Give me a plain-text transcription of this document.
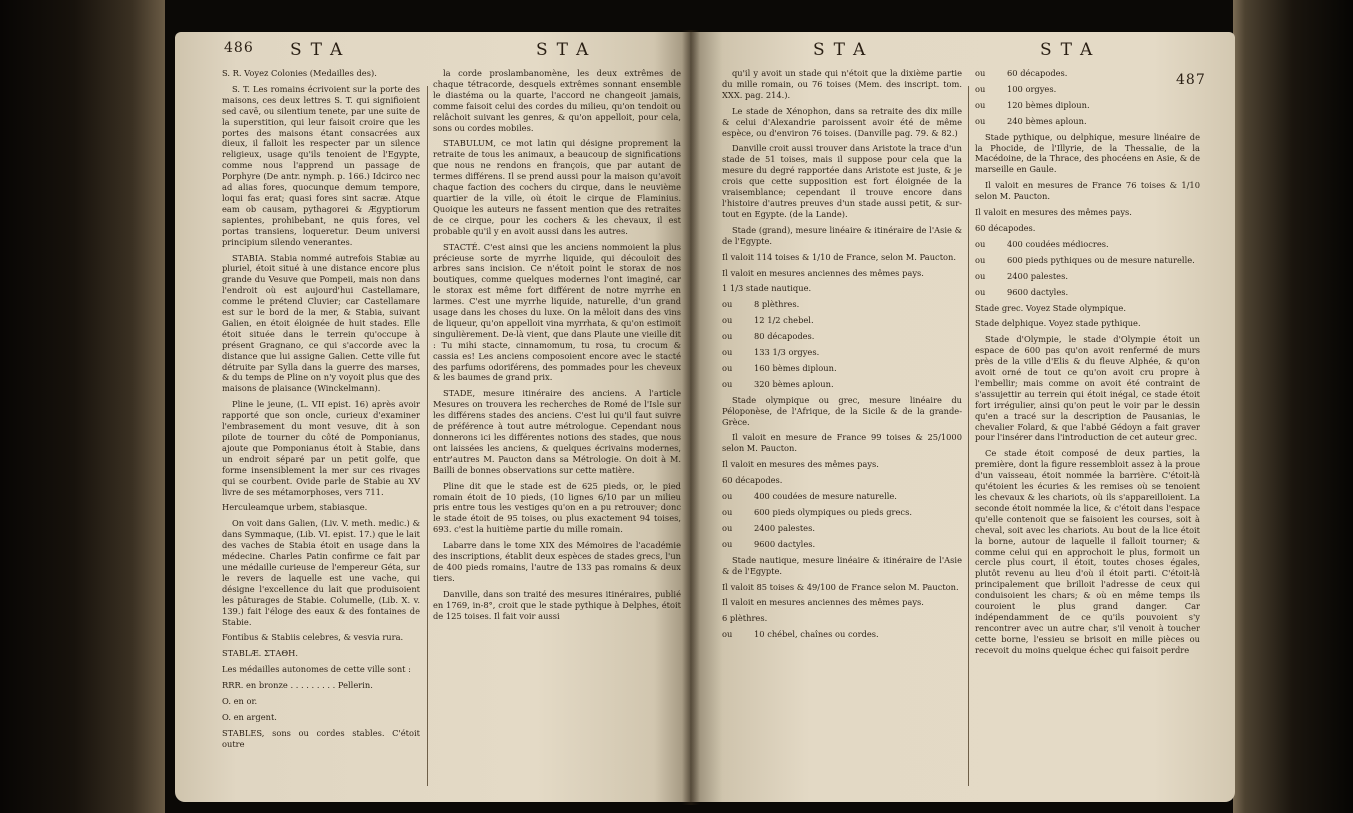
486 STA	STA

S. R. Voyez Colonies (Medailles des).

S. T. Les romains écrivoient sur la porte des maisons, ces deux lettres S. T. qui signifioient sed cavē, ou silentium tenete, par une suite de la superstition, qui leur faisoit croire que les portes des maisons étant consacrées aux dieux, il falloit les respecter par un silence religieux, usage qu'ils tenoient de l'Egypte, comme nous l'apprend un passage de Porphyre (De antr. nymph. p. 166.) Idcirco nec ad alias fores, quocunque demum tempore, loqui fas erat; quasi fores sint sacræ. Atque eam ob causam, pythagorei & Ægyptiorum sapientes, prohibebant, ne quis fores, vel portas transiens, loqueretur. Deum universi principium silendo venerantes.

STABIA. Stabia nommé autrefois Stabiæ au pluriel, étoit situé à une distance encore plus grande du Vesuve que Pompeii, mais non dans l'endroit où est aujourd'hui Castellamare, comme le prétend Cluvier; car Castellamare est sur le bord de la mer, & Stabia, suivant Galien, en étoit éloignée de huit stades. Elle étoit située dans le terrein qu'occupe à présent Gragnano, ce qui s'accorde avec la distance que lui assigne Galien. Cette ville fut détruite par Sylla dans la guerre des marses, & du temps de Pline on n'y voyoit plus que des maisons de plaisance (Winckelmann).

Pline le jeune, (L. VII epist. 16) après avoir rapporté que son oncle, curieux d'examiner l'embrasement du mont vesuve, dit à son pilote de tourner du côté de Pomponianus, ajoute que Pomponianus étoit à Stabie, dans un endroit séparé par un petit golfe, que forme insensiblement la mer sur ces rivages qui se courbent. Ovide parle de Stabie au XV livre de ses métamorphoses, vers 711.

Herculeamque urbem, stabiasque.

On voit dans Galien, (Liv. V. meth. medic.) & dans Symmaque, (Lib. VI. epist. 17.) que le lait des vaches de Stabia étoit en usage dans la médecine. Charles Patin confirme ce fait par une médaille curieuse de l'empereur Géta, sur le revers de laquelle est une vache, qui désigne l'excellence du lait que produisoient les pâturages de Stabie. Columelle, (Lib. X. v. 139.) fait l'éloge des eaux & des fontaines de Stabie.

Fontibus & Stabiis celebres, & vesvia rura.

STABLÆ. ΣΤΑΘΗ.

Les médailles autonomes de cette ville sont :

RRR. en bronze . . . . . . . . . Pellerin.

O. en or.

O. en argent.

STABLES, sons ou cordes stables. C'étoit outre

la corde proslambanomène, les deux extrêmes de chaque tétracorde, desquels extrêmes sonnant ensemble le diastéma ou la quarte, l'accord ne changeoit jamais, comme faisoit celui des cordes du milieu, qu'on tendoit ou relâchoit suivant les genres, & qu'on appelloit, pour cela, sons ou cordes mobiles.

STABULUM, ce mot latin qui désigne proprement la retraite de tous les animaux, a beaucoup de significations que nous ne rendons en françois, que par autant de termes différens. Il se prend aussi pour la maison qu'avoit chaque faction des cochers du cirque, dans le neuvième quartier de la ville, où étoit le cirque de Flaminius. Quoique les auteurs ne fassent mention que des retraites de ce cirque, pour les cochers & les chevaux, il est probable qu'il y en avoit aussi dans les autres.

STACTÉ. C'est ainsi que les anciens nommoient la plus précieuse sorte de myrrhe liquide, qui découloit des arbres sans incision. Ce n'étoit point le storax de nos boutiques, comme quelques modernes l'ont imaginé, car le storax est même fort différent de notre myrrhe en larmes. C'est une myrrhe liquide, naturelle, d'un grand usage dans les choses du luxe. On la mêloit dans des vins de liqueur, qu'on appelloit vina myrrhata, & qu'on estimoit singulièrement. De-là vient, que dans Plaute une vieille dit : Tu mihi stacte, cinnamomum, tu rosa, tu crocum & cassia es! Les anciens composoient encore avec le stacté des parfums odoriférens, des pommades pour les cheveux & les baumes de grand prix.

STADE, mesure itinéraire des anciens. A l'article Mesures on trouvera les recherches de Romé de l'Isle sur les différens stades des anciens. C'est lui qu'il faut suivre de préférence à tout autre métrologue. Cependant nous donnerons ici les différentes notions des stades, que nous ont laissées les anciens, & quelques écrivains modernes, entr'autres M. Paucton dans sa Métrologie. On doit à M. Bailli de bonnes observations sur cette matière.

Pline dit que le stade est de 625 pieds, or, le pied romain étoit de 10 pieds, (10 lignes 6/10 par un milieu pris entre tous les vestiges qu'on en a pu retrouver; donc le stade étoit de 95 toises, ou plus exactement 94 toises, 693. c'est la huitième partie du mille romain.

Labarre dans le tome XIX des Mémoires de l'académie des inscriptions, établit deux espèces de stades grecs, l'un de 400 pieds romains, l'autre de 133 pas romains & deux tiers.

Danville, dans son traité des mesures itinéraires, publié en 1769, in-8°, croit que le stade pythique à Delphes, étoit de 125 toises. Il fait voir aussi

STA	STA
487

qu'il y avoit un stade qui n'étoit que la dixième partie du mille romain, ou 76 toises (Mem. des inscript. tom. XXX. pag. 214.).

Le stade de Xénophon, dans sa retraite des dix mille & celui d'Alexandrie paroissent avoir été de même espèce, ou d'environ 76 toises. (Danville pag. 79. & 82.)

Danville croit aussi trouver dans Aristote la trace d'un stade de 51 toises, mais il suppose pour cela que la mesure du degré rapportée dans Aristote est juste, & je crois que cette supposition est fort éloignée de la vraisemblance; cependant il trouve encore dans l'histoire d'autres preuves d'un stade aussi petit, & sur-tout en Egypte. (de la Lande).

Stade (grand), mesure linéaire & itinéraire de l'Asie & de l'Egypte.

Il valoit 114 toises & 1/10 de France, selon M. Paucton.

Il valoit en mesures anciennes des mêmes pays.

1 1/3 stade nautique.

ou	8 plèthres.
ou	12 1/2 chebel.
ou	80 décapodes.
ou	133 1/3 orgyes.
ou	160 bèmes diploun.
ou	320 bèmes aploun.

Stade olympique ou grec, mesure linéaire du Péloponèse, de l'Afrique, de la Sicile & de la grande-Grèce.

Il valoit en mesure de France 99 toises & 25/1000 selon M. Paucton.

Il valoit en mesures des mêmes pays.

60 décapodes.

ou	400 coudées de mesure naturelle.
ou	600 pieds olympiques ou pieds grecs.
ou	2400 palestes.
ou	9600 dactyles.

Stade nautique, mesure linéaire & itinéraire de l'Asie & de l'Egypte.

Il valoit 85 toises & 49/100 de France selon M. Paucton.

Il valoit en mesures anciennes des mêmes pays.

6 plèthres.

ou	10 chébel, chaînes ou cordes.
ou	60 décapodes.
ou	100 orgyes.
ou	120 bèmes diploun.
ou	240 bèmes aploun.

Stade pythique, ou delphique, mesure linéaire de la Phocide, de l'Illyrie, de la Thessalie, de la Macédoine, de la Thrace, des phocéens en Asie, & de marseille en Gaule.

Il valoit en mesures de France 76 toises & 1/10 selon M. Paucton.

Il valoit en mesures des mêmes pays.

60 décapodes.

ou	400 coudées médiocres.
ou	600 pieds pythiques ou de mesure naturelle.
ou	2400 palestes.
ou	9600 dactyles.

Stade grec. Voyez Stade olympique.

Stade delphique. Voyez stade pythique.

Stade d'Olympie, le stade d'Olympie étoit un espace de 600 pas qu'on avoit renfermé de murs près de la ville d'Elis & du fleuve Alphée, & qu'on avoit orné de tout ce qu'on avoit cru propre à l'embellir; mais comme on avoit été contraint de s'assujettir au terrein qui étoit inégal, ce stade étoit fort irrégulier, ainsi qu'on peut le voir par le dessin qu'en a tracé sur la description de Pausanias, le chevalier Folard, & que l'abbé Gédoyn a fait graver pour l'insérer dans l'introduction de cet auteur grec.

Ce stade étoit composé de deux parties, la première, dont la figure ressembloit assez à la proue d'un vaisseau, étoit nommée la barrière. C'étoit-là qu'étoient les écuries & les remises où se tenoient les chevaux & les chariots, où ils s'appareilloient. La seconde étoit nommée la lice, & c'étoit dans l'espace qu'elle contenoit que se faisoient les courses, soit à cheval, soit avec les chariots. Au bout de la lice étoit la borne, autour de laquelle il falloit tourner; & comme celui qui en approchoit le plus, formoit un cercle plus court, il étoit, toutes choses égales, plutôt revenu au lieu d'où il étoit parti. C'étoit-là principalement que brilloit l'adresse de ceux qui conduisoient les chars; & où en même temps ils couroient le plus grand danger. Car indépendamment de ce qu'ils pouvoient s'y rencontrer avec un autre char, s'il venoit à toucher cette borne, l'essieu se brisoit en mille pièces ou recevoit du moins quelque échec qui faisoit perdre
